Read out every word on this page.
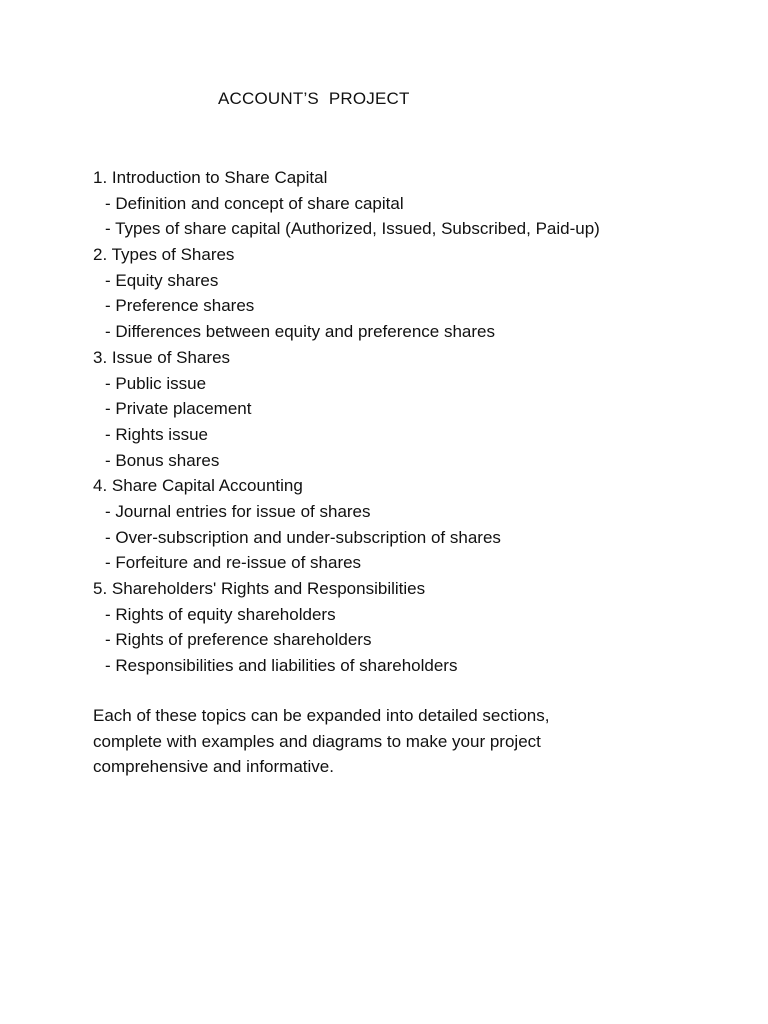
ACCOUNT’S  PROJECT
1. Introduction to Share Capital
- Definition and concept of share capital
- Types of share capital (Authorized, Issued, Subscribed, Paid-up)
2. Types of Shares
- Equity shares
- Preference shares
- Differences between equity and preference shares
3. Issue of Shares
- Public issue
- Private placement
- Rights issue
- Bonus shares
4. Share Capital Accounting
- Journal entries for issue of shares
- Over-subscription and under-subscription of shares
- Forfeiture and re-issue of shares
5. Shareholders' Rights and Responsibilities
- Rights of equity shareholders
- Rights of preference shareholders
- Responsibilities and liabilities of shareholders
Each of these topics can be expanded into detailed sections,
complete with examples and diagrams to make your project
comprehensive and informative.
